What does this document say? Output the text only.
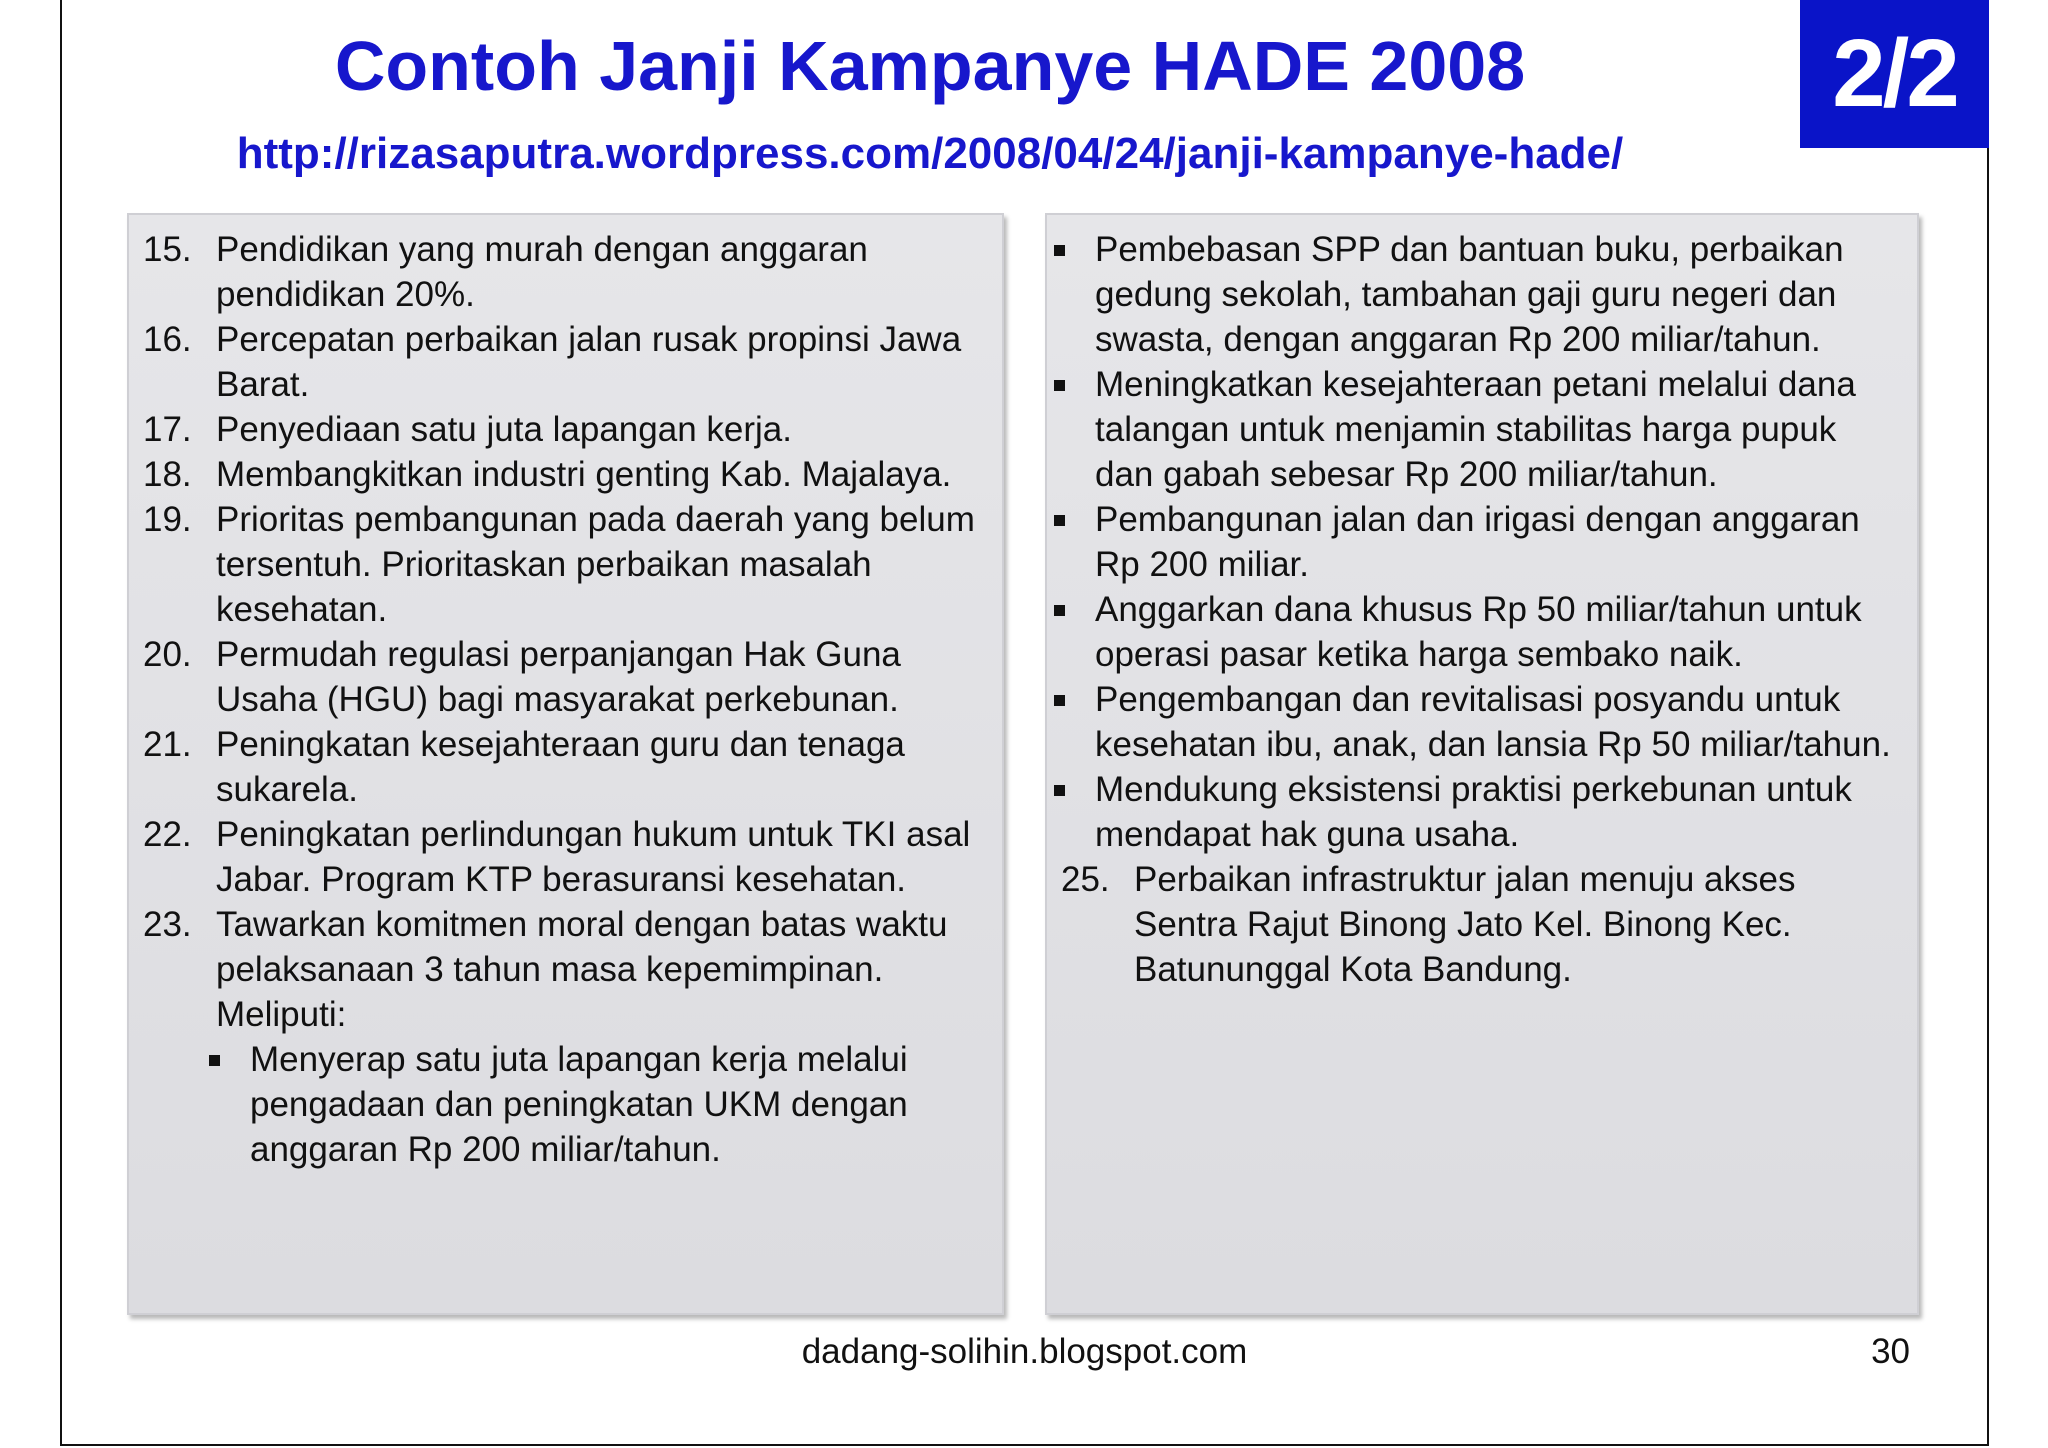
2/2
Contoh Janji Kampanye HADE 2008
http://rizasaputra.wordpress.com/2008/04/24/janji-kampanye-hade/
15. Pendidikan yang murah dengan anggaran pendidikan 20%.
16. Percepatan perbaikan jalan rusak propinsi Jawa Barat.
17. Penyediaan satu juta lapangan kerja.
18. Membangkitkan industri genting Kab. Majalaya.
19. Prioritas pembangunan pada daerah yang belum tersentuh. Prioritaskan perbaikan masalah kesehatan.
20. Permudah regulasi perpanjangan Hak Guna Usaha (HGU) bagi masyarakat perkebunan.
21. Peningkatan kesejahteraan guru dan tenaga sukarela.
22. Peningkatan perlindungan hukum untuk TKI asal Jabar. Program KTP berasuransi kesehatan.
23. Tawarkan komitmen moral dengan batas waktu pelaksanaan 3 tahun masa kepemimpinan. Meliputi:
Menyerap satu juta lapangan kerja melalui pengadaan dan peningkatan UKM dengan anggaran Rp 200 miliar/tahun.
Pembebasan SPP dan bantuan buku, perbaikan gedung sekolah, tambahan gaji guru negeri dan swasta, dengan anggaran Rp 200 miliar/tahun.
Meningkatkan kesejahteraan petani melalui dana talangan untuk menjamin stabilitas harga pupuk dan gabah sebesar Rp 200 miliar/tahun.
Pembangunan jalan dan irigasi dengan anggaran Rp 200 miliar.
Anggarkan dana khusus Rp 50 miliar/tahun untuk operasi pasar ketika harga sembako naik.
Pengembangan dan revitalisasi posyandu untuk kesehatan ibu, anak, dan lansia Rp 50 miliar/tahun.
Mendukung eksistensi praktisi perkebunan untuk mendapat hak guna usaha.
25. Perbaikan infrastruktur jalan menuju akses Sentra Rajut Binong Jato Kel. Binong Kec. Batununggal Kota Bandung.
dadang-solihin.blogspot.com	30
